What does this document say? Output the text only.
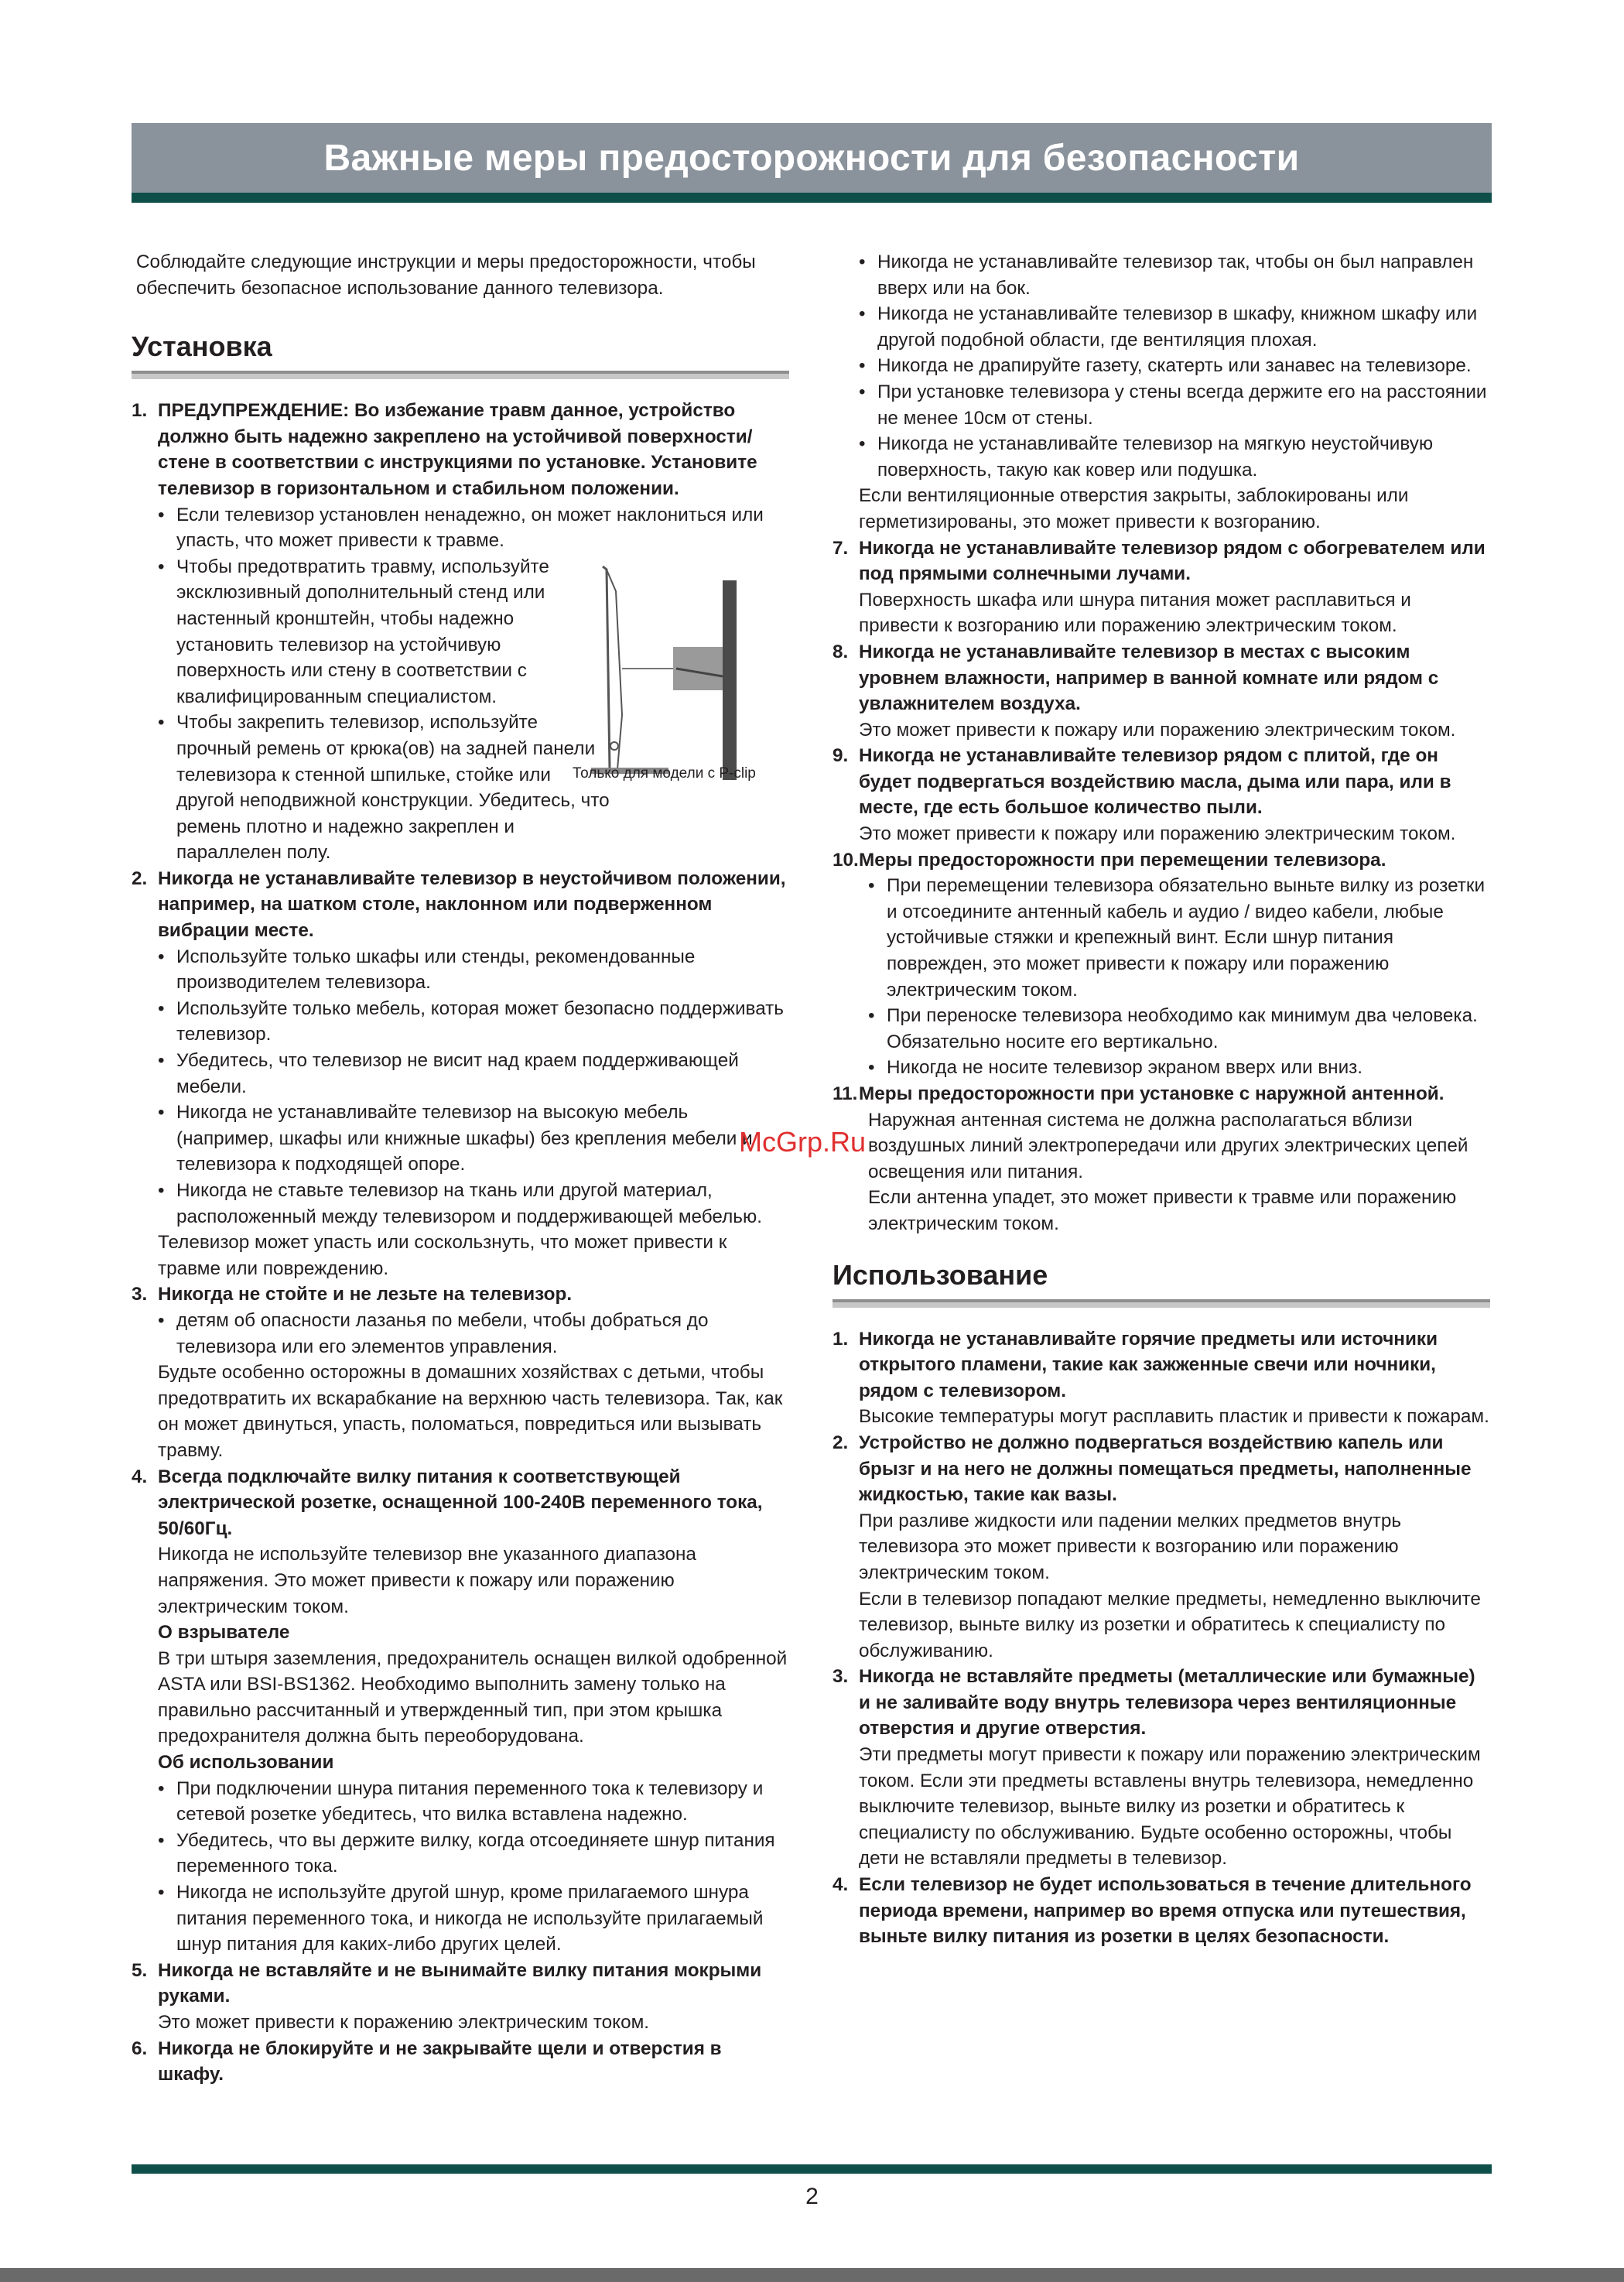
Важные меры предосторожности для безопасности

Соблюдайте следующие инструкции и меры предосторожности, чтобы обеспечить безопасное использование данного телевизора.

Установка
1. ПРЕДУПРЕЖДЕНИЕ: Во избежание травм данное, устройство должно быть надежно закреплено на устойчивой поверхности/стене в соответствии с инструкциями по установке. Установите телевизор в горизонтальном и стабильном положении.

• Если телевизор установлен ненадежно, он может наклониться или упасть, что может привести к травме.
• Чтобы предотвратить травму, используйте эксклюзивный дополнительный стенд или настенный кронштейн, чтобы надежно установить телевизор на устойчивую поверхность или стену в соответствии с квалифицированным специалистом.
• Чтобы закрепить телевизор, используйте прочный ремень от крюка(ов) на задней панели телевизора к стенной шпильке, стойке или другой неподвижной конструкции. Убедитесь, что ремень плотно и надежно закреплен и параллелен полу.
2. Никогда не устанавливайте телевизор в неустойчивом положении, например, на шатком столе, наклонном или подверженном вибрации месте.

• Используйте только шкафы или стенды, рекомендованные производителем телевизора.
• Используйте только мебель, которая может безопасно поддерживать телевизор.
• Убедитесь, что телевизор не висит над краем поддерживающей мебели.
• Никогда не устанавливайте телевизор на высокую мебель (например, шкафы или книжные шкафы) без крепления мебели и телевизора к подходящей опоре.
• Никогда не ставьте телевизор на ткань или другой материал, расположенный между телевизором и поддерживающей мебелью.

Телевизор может упасть или соскользнуть, что может привести к травме или повреждению.

3. Никогда не стойте и не лезьте на телевизор.

• детям об опасности лазанья по мебели, чтобы добраться до телевизора или его элементов управления.

Будьте особенно осторожны в домашних хозяйствах с детьми, чтобы предотвратить их вскарабкание на верхнюю часть телевизора. Так, как он может двинуться, упасть, поломаться, повредиться или вызывать травму.

4. Всегда подключайте вилку питания к соответствующей электрической розетке, оснащенной 100-240В переменного тока, 50/60Гц.

Никогда не используйте телевизор вне указанного диапазона напряжения. Это может привести к пожару или поражению электрическим током.

О взрывателе

В три штыря заземления, предохранитель оснащен вилкой одобренной ASTA или BSI-BS1362. Необходимо выполнить замену только на правильно рассчитанный и утвержденный тип, при этом крышка предохранителя должна быть переоборудована.

Об использовании

• При подключении шнура питания переменного тока к телевизору и сетевой розетке убедитесь, что вилка вставлена надежно.
• Убедитесь, что вы держите вилку, когда отсоединяете шнур питания переменного тока.
• Никогда не используйте другой шнур, кроме прилагаемого шнура питания переменного тока, и никогда не используйте прилагаемый шнур питания для каких-либо других целей.
5. Никогда не вставляйте и не вынимайте вилку питания мокрыми руками.

Это может привести к поражению электрическим током.

6. Никогда не блокируйте и не закрывайте щели и отверстия в шкафу.

Только для модели с P-clip
• Никогда не устанавливайте телевизор так, чтобы он был направлен вверх или на бок.
• Никогда не устанавливайте телевизор в шкафу, книжном шкафу или другой подобной области, где вентиляция плохая.
• Никогда не драпируйте газету, скатерть или занавес на телевизоре.
• При установке телевизора у стены всегда держите его на расстоянии не менее 10см от стены.
• Никогда не устанавливайте телевизор на мягкую неустойчивую поверхность, такую как ковер или подушка.

Если вентиляционные отверстия закрыты, заблокированы или герметизированы, это может привести к возгоранию.

7. Никогда не устанавливайте телевизор рядом с обогревателем или под прямыми солнечными лучами.

Поверхность шкафа или шнура питания может расплавиться и привести к возгоранию или поражению электрическим током.

8. Никогда не устанавливайте телевизор в местах с высоким уровнем влажности, например в ванной комнате или рядом с увлажнителем воздуха.

Это может привести к пожару или поражению электрическим током.

9. Никогда не устанавливайте телевизор рядом с плитой, где он будет подвергаться воздействию масла, дыма или пара, или в месте, где есть большое количество пыли.

Это может привести к пожару или поражению электрическим током.

10. Меры предосторожности при перемещении телевизора.

• При перемещении телевизора обязательно выньте вилку из розетки и отсоедините антенный кабель и аудио / видео кабели, любые устойчивые стяжки и крепежный винт. Если шнур питания поврежден, это может привести к пожару или поражению электрическим током.
• При переноске телевизора необходимо как минимум два человека. Обязательно носите его вертикально.
• Никогда не носите телевизор экраном вверх или вниз.
11. Меры предосторожности при установке с наружной антенной.

Наружная антенная система не должна располагаться вблизи воздушных линий электропередачи или других электрических цепей освещения или питания.

Если антенна упадет, это может привести к травме или поражению электрическим током.

Использование
1. Никогда не устанавливайте горячие предметы или источники открытого пламени, такие как зажженные свечи или ночники, рядом с телевизором.

Высокие температуры могут расплавить пластик и привести к пожарам.

2. Устройство не должно подвергаться воздействию капель или брызг и на него не должны помещаться предметы, наполненные жидкостью, такие как вазы.

При разливе жидкости или падении мелких предметов внутрь телевизора это может привести к возгоранию или поражению электрическим током.

Если в телевизор попадают мелкие предметы, немедленно выключите телевизор, выньте вилку из розетки и обратитесь к специалисту по обслуживанию.

3. Никогда не вставляйте предметы (металлические или бумажные) и не заливайте воду внутрь телевизора через вентиляционные отверстия и другие отверстия.

Эти предметы могут привести к пожару или поражению электрическим током. Если эти предметы вставлены внутрь телевизора, немедленно выключите телевизор, выньте вилку из розетки и обратитесь к специалисту по обслуживанию. Будьте особенно осторожны, чтобы дети не вставляли предметы в телевизор.

4. Если телевизор не будет использоваться в течение длительного периода времени, например во время отпуска или путешествия, выньте вилку питания из розетки в целях безопасности.

McGrp.Ru
2
